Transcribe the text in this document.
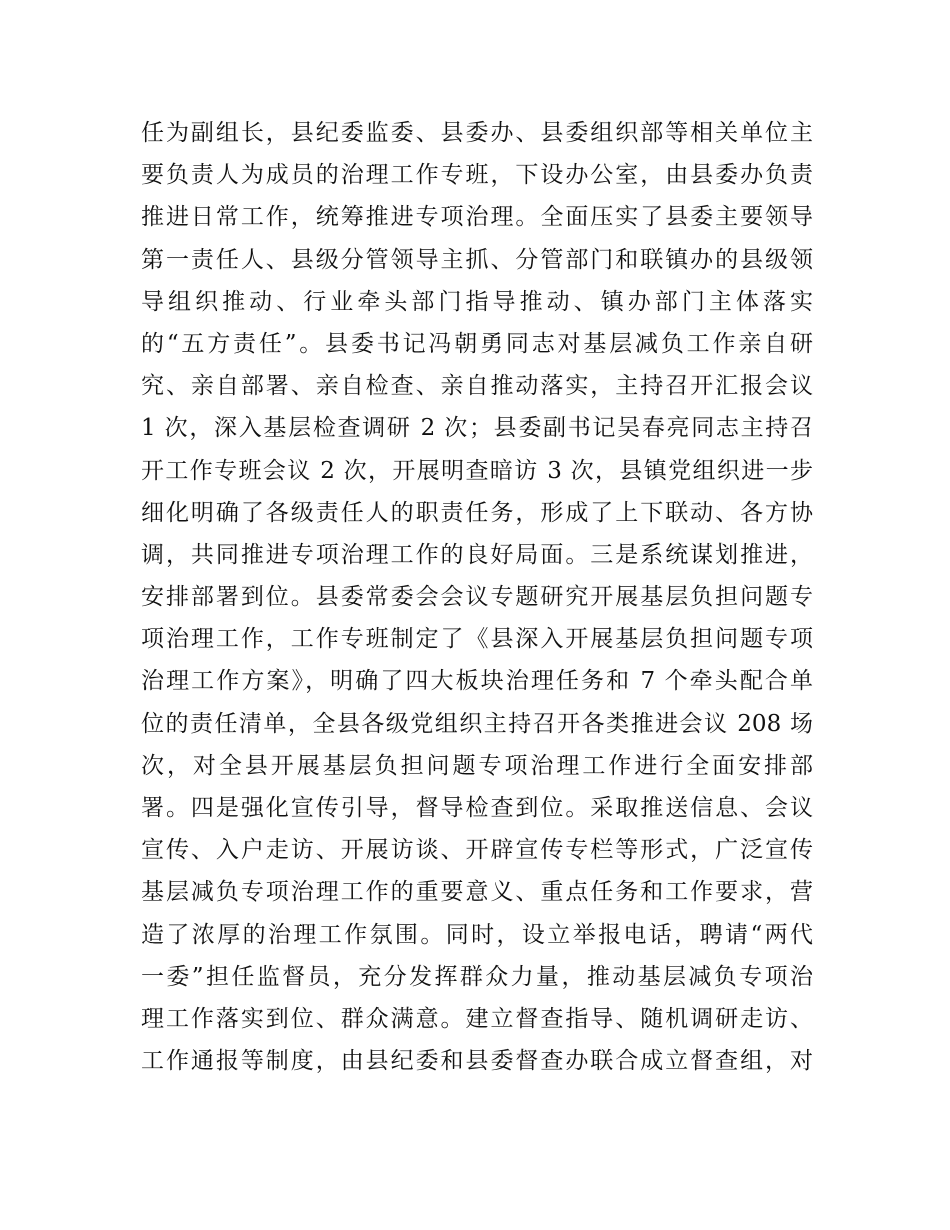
任为副组长，县纪委监委、县委办、县委组织部等相关单位主
要负责人为成员的治理工作专班，下设办公室，由县委办负责
推进日常工作，统筹推进专项治理。全面压实了县委主要领导
第一责任人、县级分管领导主抓、分管部门和联镇办的县级领
导组织推动、行业牵头部门指导推动、镇办部门主体落实
的“五方责任”。县委书记冯朝勇同志对基层减负工作亲自研
究、亲自部署、亲自检查、亲自推动落实，主持召开汇报会议
1 次，深入基层检查调研 2 次；县委副书记吴春亮同志主持召
开工作专班会议 2 次，开展明查暗访 3 次，县镇党组织进一步
细化明确了各级责任人的职责任务，形成了上下联动、各方协
调，共同推进专项治理工作的良好局面。三是系统谋划推进，
安排部署到位。县委常委会会议专题研究开展基层负担问题专
项治理工作，工作专班制定了《县深入开展基层负担问题专项
治理工作方案》，明确了四大板块治理任务和 7 个牵头配合单
位的责任清单，全县各级党组织主持召开各类推进会议 208 场
次，对全县开展基层负担问题专项治理工作进行全面安排部
署。四是强化宣传引导，督导检查到位。采取推送信息、会议
宣传、入户走访、开展访谈、开辟宣传专栏等形式，广泛宣传
基层减负专项治理工作的重要意义、重点任务和工作要求，营
造了浓厚的治理工作氛围。同时，设立举报电话，聘请“两代
一委”担任监督员，充分发挥群众力量，推动基层减负专项治
理工作落实到位、群众满意。建立督查指导、随机调研走访、
工作通报等制度，由县纪委和县委督查办联合成立督查组，对
